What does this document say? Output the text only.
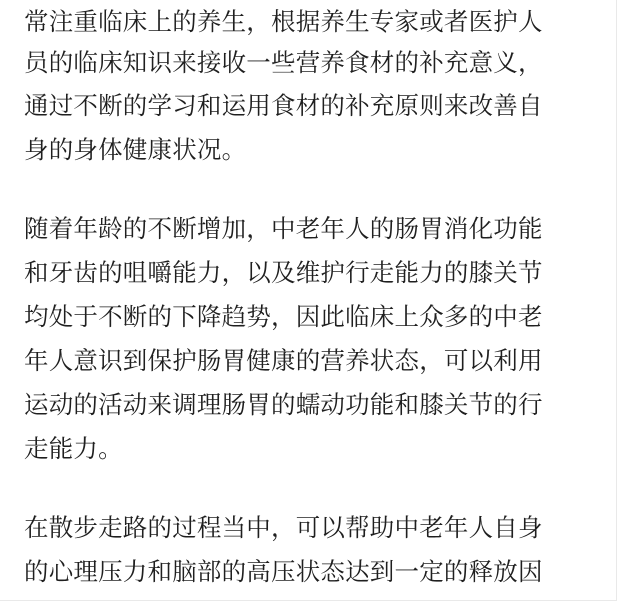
常注重临床上的养生，根据养生专家或者医护人
员的临床知识来接收一些营养食材的补充意义，
通过不断的学习和运用食材的补充原则来改善自
身的身体健康状况。
随着年龄的不断增加，中老年人的肠胃消化功能
和牙齿的咀嚼能力，以及维护行走能力的膝关节
均处于不断的下降趋势，因此临床上众多的中老
年人意识到保护肠胃健康的营养状态，可以利用
运动的活动来调理肠胃的蠕动功能和膝关节的行
走能力。
在散步走路的过程当中，可以帮助中老年人自身
的心理压力和脑部的高压状态达到一定的释放因
